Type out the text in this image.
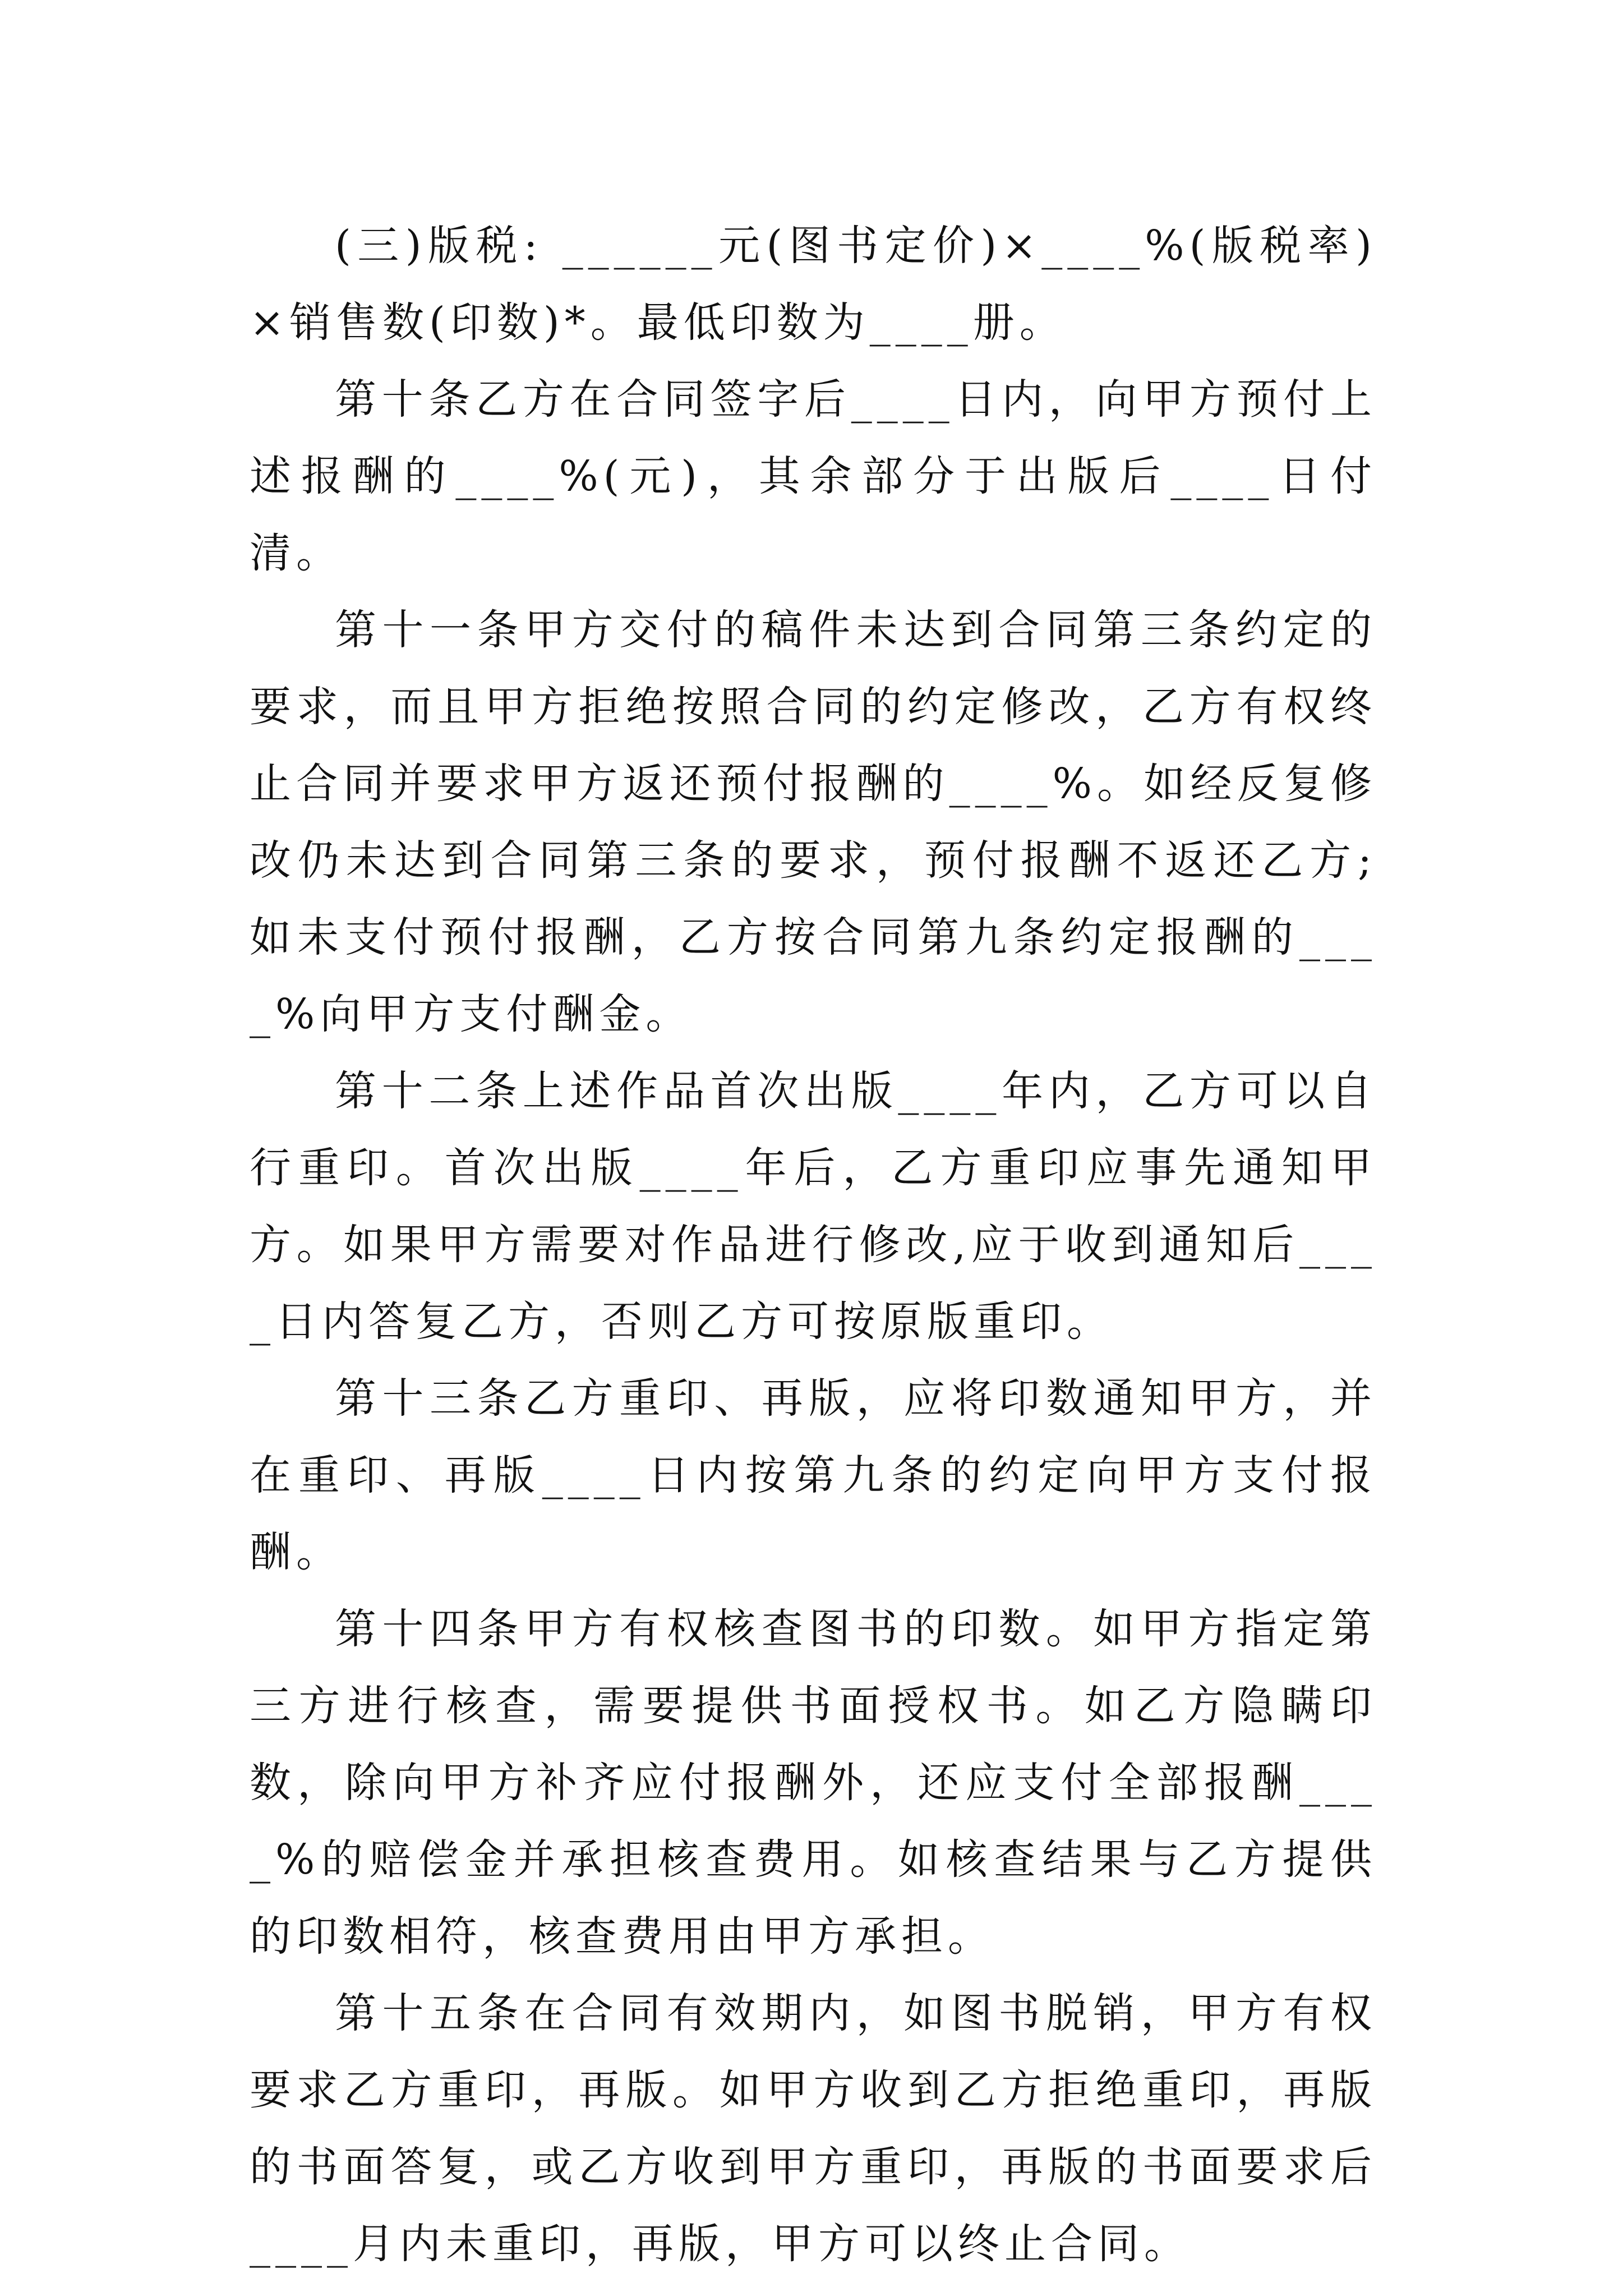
(三)版税: ______元(图书定价)×____%(版税率)×销售数(印数)*。最低印数为____册。

第十条乙方在合同签字后____日内，向甲方预付上述报酬的____%(元)，其余部分于出版后____日付清。

第十一条甲方交付的稿件未达到合同第三条约定的要求，而且甲方拒绝按照合同的约定修改，乙方有权终止合同并要求甲方返还预付报酬的____%。如经反复修改仍未达到合同第三条的要求，预付报酬不返还乙方;如未支付预付报酬，乙方按合同第九条约定报酬的____%向甲方支付酬金。

第十二条上述作品首次出版____年内，乙方可以自行重印。首次出版____年后，乙方重印应事先通知甲方。如果甲方需要对作品进行修改,应于收到通知后____日内答复乙方，否则乙方可按原版重印。

第十三条乙方重印、再版，应将印数通知甲方，并在重印、再版____日内按第九条的约定向甲方支付报酬。

第十四条甲方有权核查图书的印数。如甲方指定第三方进行核查，需要提供书面授权书。如乙方隐瞒印数，除向甲方补齐应付报酬外，还应支付全部报酬____%的赔偿金并承担核查费用。如核查结果与乙方提供的印数相符，核查费用由甲方承担。

第十五条在合同有效期内，如图书脱销，甲方有权要求乙方重印，再版。如甲方收到乙方拒绝重印，再版的书面答复，或乙方收到甲方重印，再版的书面要求后____月内未重印，再版，甲方可以终止合同。
